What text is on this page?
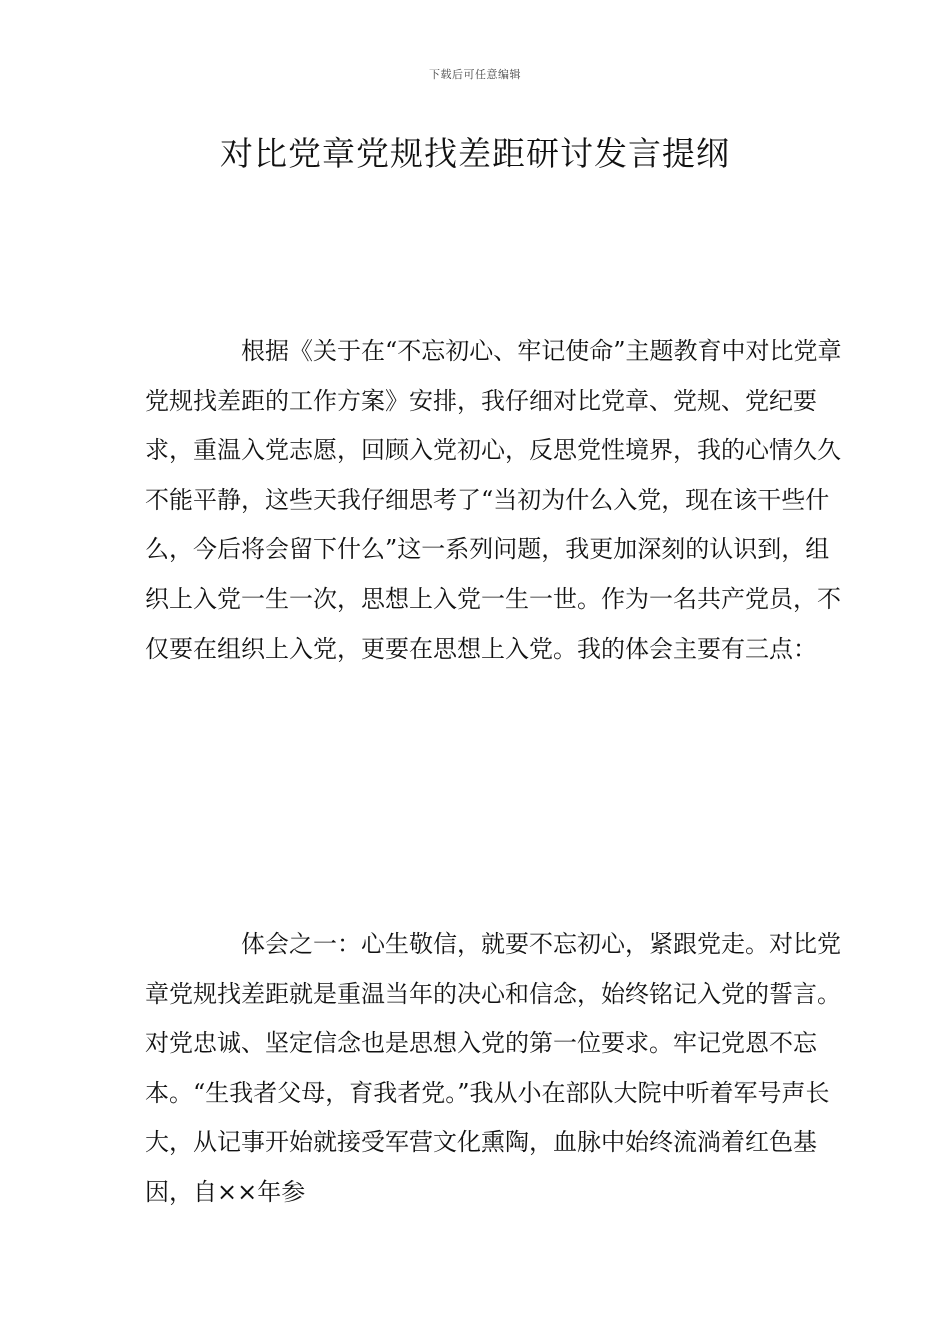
下载后可任意编辑
对比党章党规找差距研讨发言提纲

根据《关于在“不忘初心、牢记使命”主题教育中对比党章党规找差距的工作方案》安排，我仔细对比党章、党规、党纪要求，重温入党志愿，回顾入党初心，反思党性境界，我的心情久久不能平静，这些天我仔细思考了“当初为什么入党，现在该干些什么，今后将会留下什么”这一系列问题，我更加深刻的认识到，组织上入党一生一次，思想上入党一生一世。作为一名共产党员，不仅要在组织上入党，更要在思想上入党。我的体会主要有三点：

体会之一：心生敬信，就要不忘初心，紧跟党走。对比党章党规找差距就是重温当年的决心和信念，始终铭记入党的誓言。对党忠诚、坚定信念也是思想入党的第一位要求。牢记党恩不忘本。“生我者父母，育我者党。”我从小在部队大院中听着军号声长大，从记事开始就接受军营文化熏陶，血脉中始终流淌着红色基因，自××年参
